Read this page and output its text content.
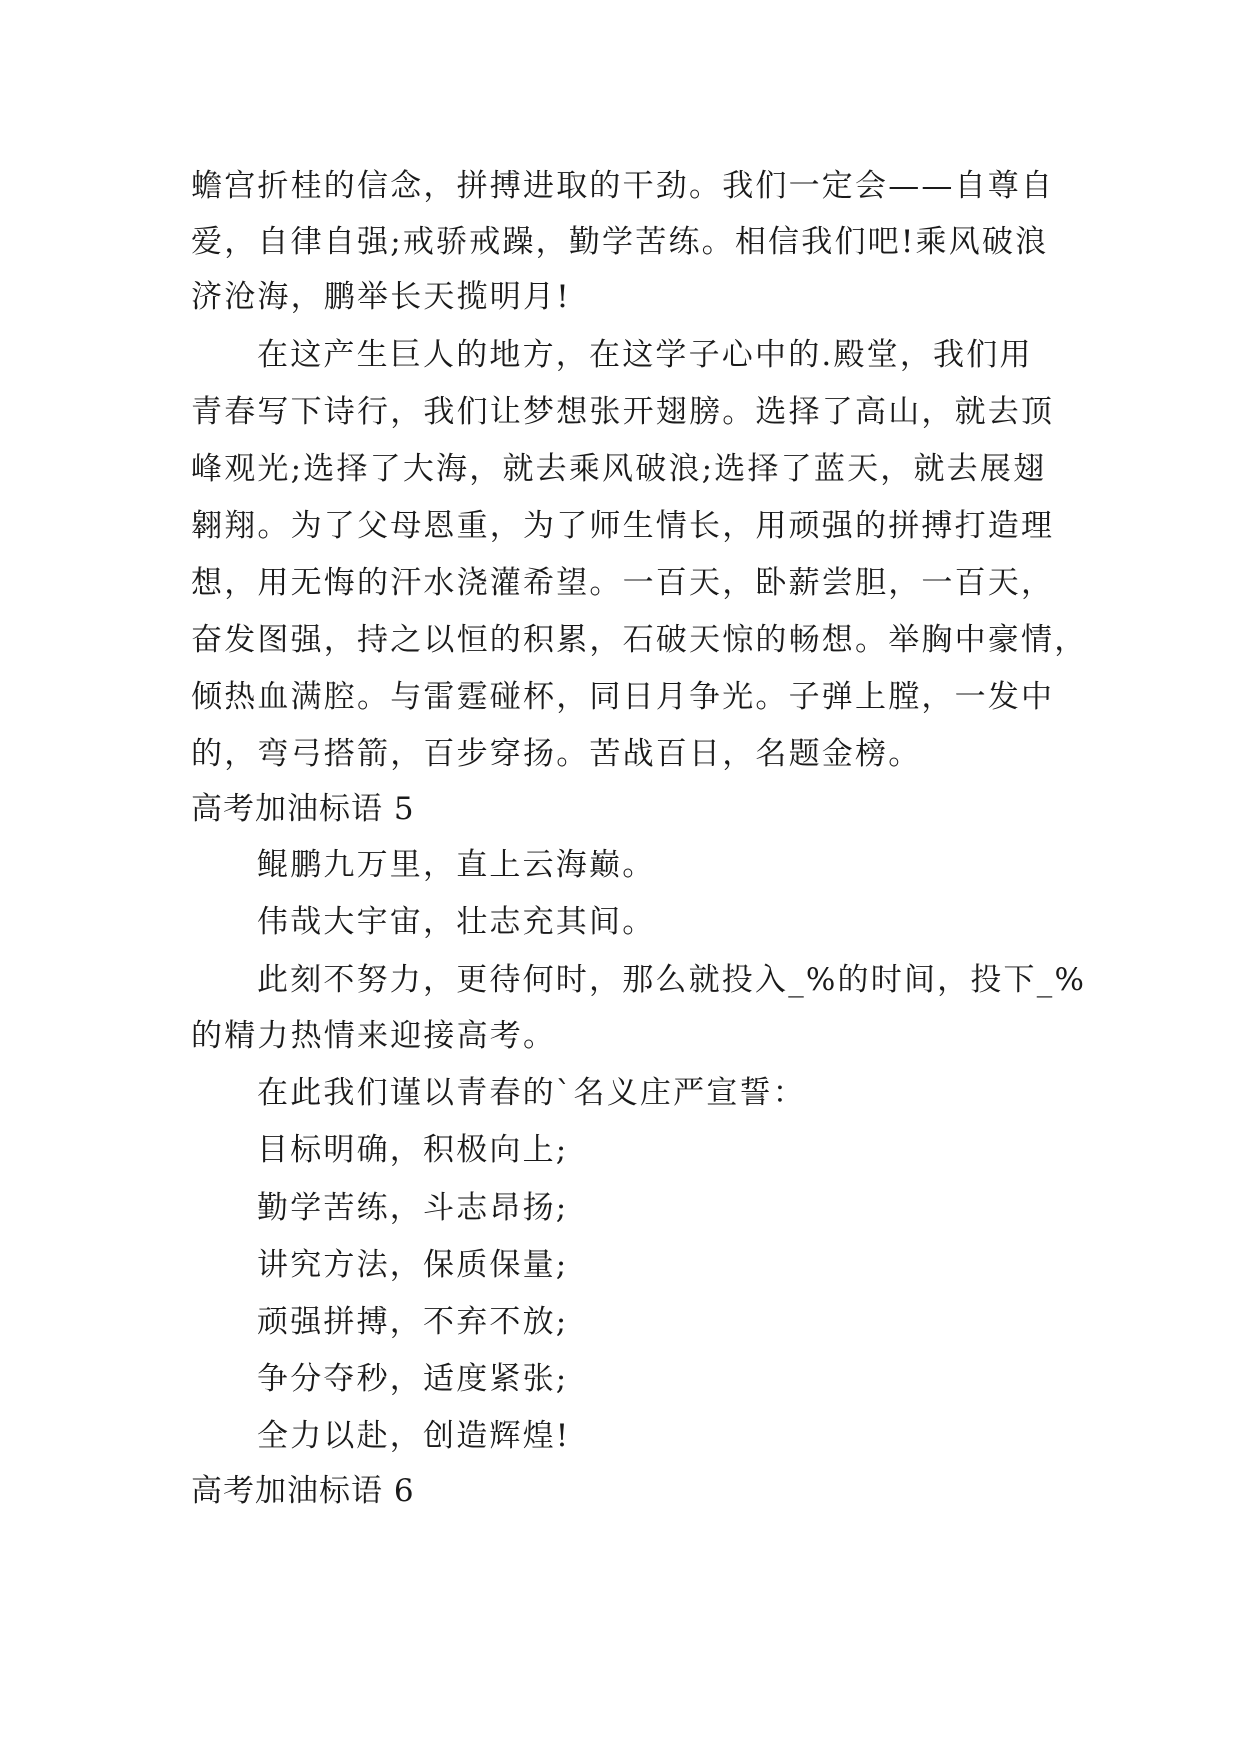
蟾宫折桂的信念，拼搏进取的干劲。我们一定会——自尊自
爱，自律自强;戒骄戒躁，勤学苦练。相信我们吧!乘风破浪
济沧海，鹏举长天揽明月!
在这产生巨人的地方，在这学子心中的.殿堂，我们用
青春写下诗行，我们让梦想张开翅膀。选择了高山，就去顶
峰观光;选择了大海，就去乘风破浪;选择了蓝天，就去展翅
翱翔。为了父母恩重，为了师生情长，用顽强的拼搏打造理
想，用无悔的汗水浇灌希望。一百天，卧薪尝胆，一百天，
奋发图强，持之以恒的积累，石破天惊的畅想。举胸中豪情，
倾热血满腔。与雷霆碰杯，同日月争光。子弹上膛，一发中
的，弯弓搭箭，百步穿扬。苦战百日，名题金榜。
高考加油标语 5
鲲鹏九万里，直上云海巅。
伟哉大宇宙，壮志充其间。
此刻不努力，更待何时，那么就投入_%的时间，投下_%
的精力热情来迎接高考。
在此我们谨以青春的`名义庄严宣誓：
目标明确，积极向上;
勤学苦练，斗志昂扬;
讲究方法，保质保量;
顽强拼搏，不弃不放;
争分夺秒，适度紧张;
全力以赴，创造辉煌!
高考加油标语 6
